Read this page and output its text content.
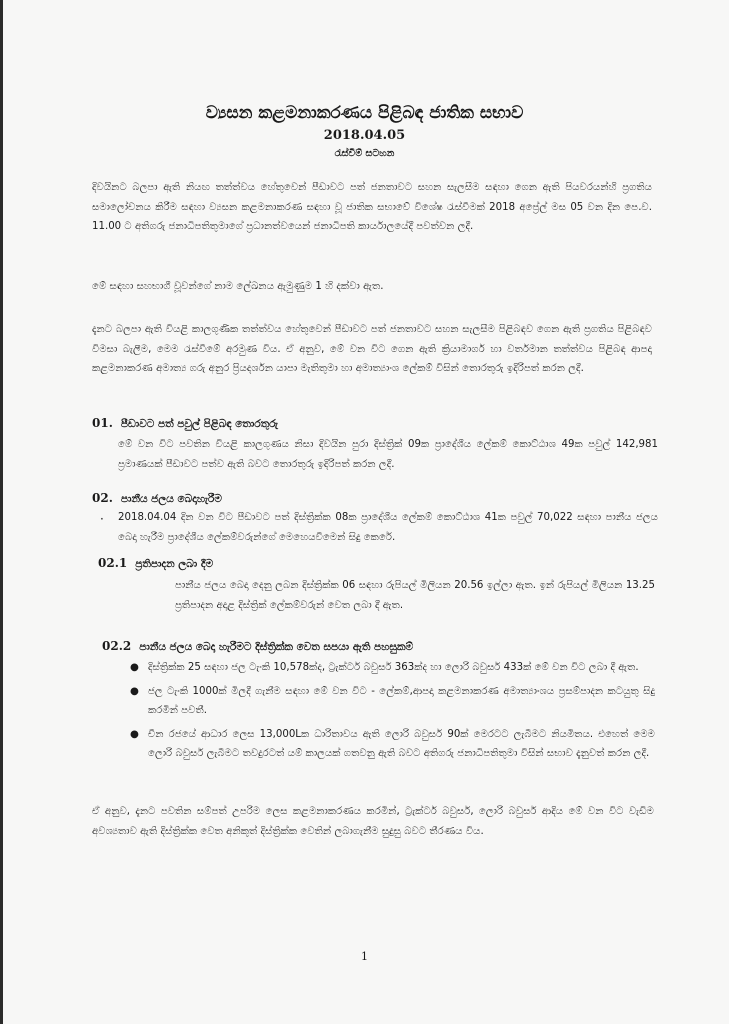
ව්‍යසන කළමනාකරණය පිළිබඳ ජාතික සභාව
2018.04.05
රැස්වීම් සටහන
දිවයිනට බලපා ඇති නියඟ තත්ත්වය හේතුවෙන් පීඩාවට පත් ජනතාවට සහන සැලසීම සඳහා ගෙන ඇති පියවරයන්හි ප්‍රගතිය සමාලෝචනය කිරීම සඳහා ව්‍යසන කළමනාකරණ සඳහා වූ ජාතික සභාවේ විශේෂ රැස්වීමක් 2018 අප්‍රේල් මස 05 වන දින පෙ.ව. 11.00 ට අතිගරු ජනාධිපතිතුමාගේ ප්‍රධානත්වයෙන් ජනාධිපති කාර්යාලයේදී පවත්වන ලදී.
මේ සඳහා සහභාගී වූවන්ගේ නාම ලේඛනය ඇමුණුම 1 හි දක්වා ඇත.
දැනට බලපා ඇති වියළි කාලගුණික තත්ත්වය හේතුවෙන් පීඩාවට පත් ජනතාවට සහන සැලසීම පිළිබඳව ගෙන ඇති ප්‍රගතිය පිළිබඳව විමසා බැලීම, මෙම රැස්වීමේ අරමුණ විය. ඒ අනුව, මේ වන විට ගෙන ඇති ක්‍රියාමාර්ග හා වර්තමාන තත්ත්වය පිළිබඳ ආපදා කළමනාකරණ අමාත්‍ය ගරු අනුර ප්‍රියදර්ශන යාපා මැතිතුමා හා අමාත්‍යාංශ ලේකම් විසින් තොරතුරු ඉදිරිපත් කරන ලදී.
01. පීඩාවට පත් පවුල් පිළිබඳ තොරතුරු
මේ වන විට පවතින වියළි කාලගුණය නිසා දිවයින පුරා දිස්ත්‍රික් 09ක ප්‍රාදේශීය ලේකම් කොට්ඨාශ 49ක පවුල් 142,981 ප්‍රමාණයක් පීඩාවට පත්ව ඇති බවට තොරතුරු ඉදිරිපත් කරන ලදී.
02. පානීය ජලය බෙදාහැරීම
· 2018.04.04 දින වන විට පීඩාවට පත් දිස්ත්‍රික්ක 08ක ප්‍රාදේශීය ලේකම් කොට්ඨාශ 41ක පවුල් 70,022 සඳහා පානීය ජලය බෙදා හැරීම ප්‍රාදේශීය ලේකම්වරුන්ගේ මෙහෙයවීමෙන් සිදු කෙරේ.
02.1 ප්‍රතිපාදන ලබා දීම
පානීය ජලය බෙදා දෙනු ලබන දිස්ත්‍රික්ක 06 සඳහා රුපියල් මිලියන 20.56 ඉල්ලා ඇත. ඉන් රුපියල් මිලියන 13.25 ප්‍රතිපාදන අදාළ දිස්ත්‍රික් ලේකම්වරුන් වෙත ලබා දී ඇත.
02.2 පානීය ජලය බෙදා හැරීමට දිස්ත්‍රික්ක වෙත සපයා ඇති පහසුකම්
● දිස්ත්‍රික්ක 25 සඳහා ජල ටැංකි 10,578ක්ද, ට්‍රැක්ටර් බවුසර් 363ක්ද හා ලොරි බවුසර් 433ක් මේ වන විට ලබා දී ඇත.
● ජල ටැංකි 1000ක් මිලදී ගැනීම සඳහා මේ වන විට - ලේකම්,ආපදා කළමනාකරණ අමාත්‍යාංශය ප්‍රසම්පාදන කටයුතු සිදු කරමින් පවතී.
● චීන රජයේ ආධාර ලෙස 13,000Lක ධාරිතාවය ඇති ලොරි බවුසර් 90ක් මෙරටට ලැබීමට නියමිතය. එහෙත් මෙම ලොරි බවුසර් ලැබීමට තවදුරටත් යම් කාලයක් ගතවනු ඇති බවට අතිගරු ජනාධිපතිතුමා විසින් සභාව දැනුවත් කරන ලදී.
ඒ අනුව, දැනට පවතින සම්පත් උපරිම ලෙස කළමනාකරණය කරමින්, ට්‍රැක්ටර් බවුසර්, ලොරි බවුසර් ආදිය මේ වන විට වැඩිම අවශ්‍යතාව ඇති දිස්ත්‍රික්ක වෙත අනිකුත් දිස්ත්‍රික්ක වෙතින් ලබාගැනීම සුදුසු බවට තීරණය විය.
1
